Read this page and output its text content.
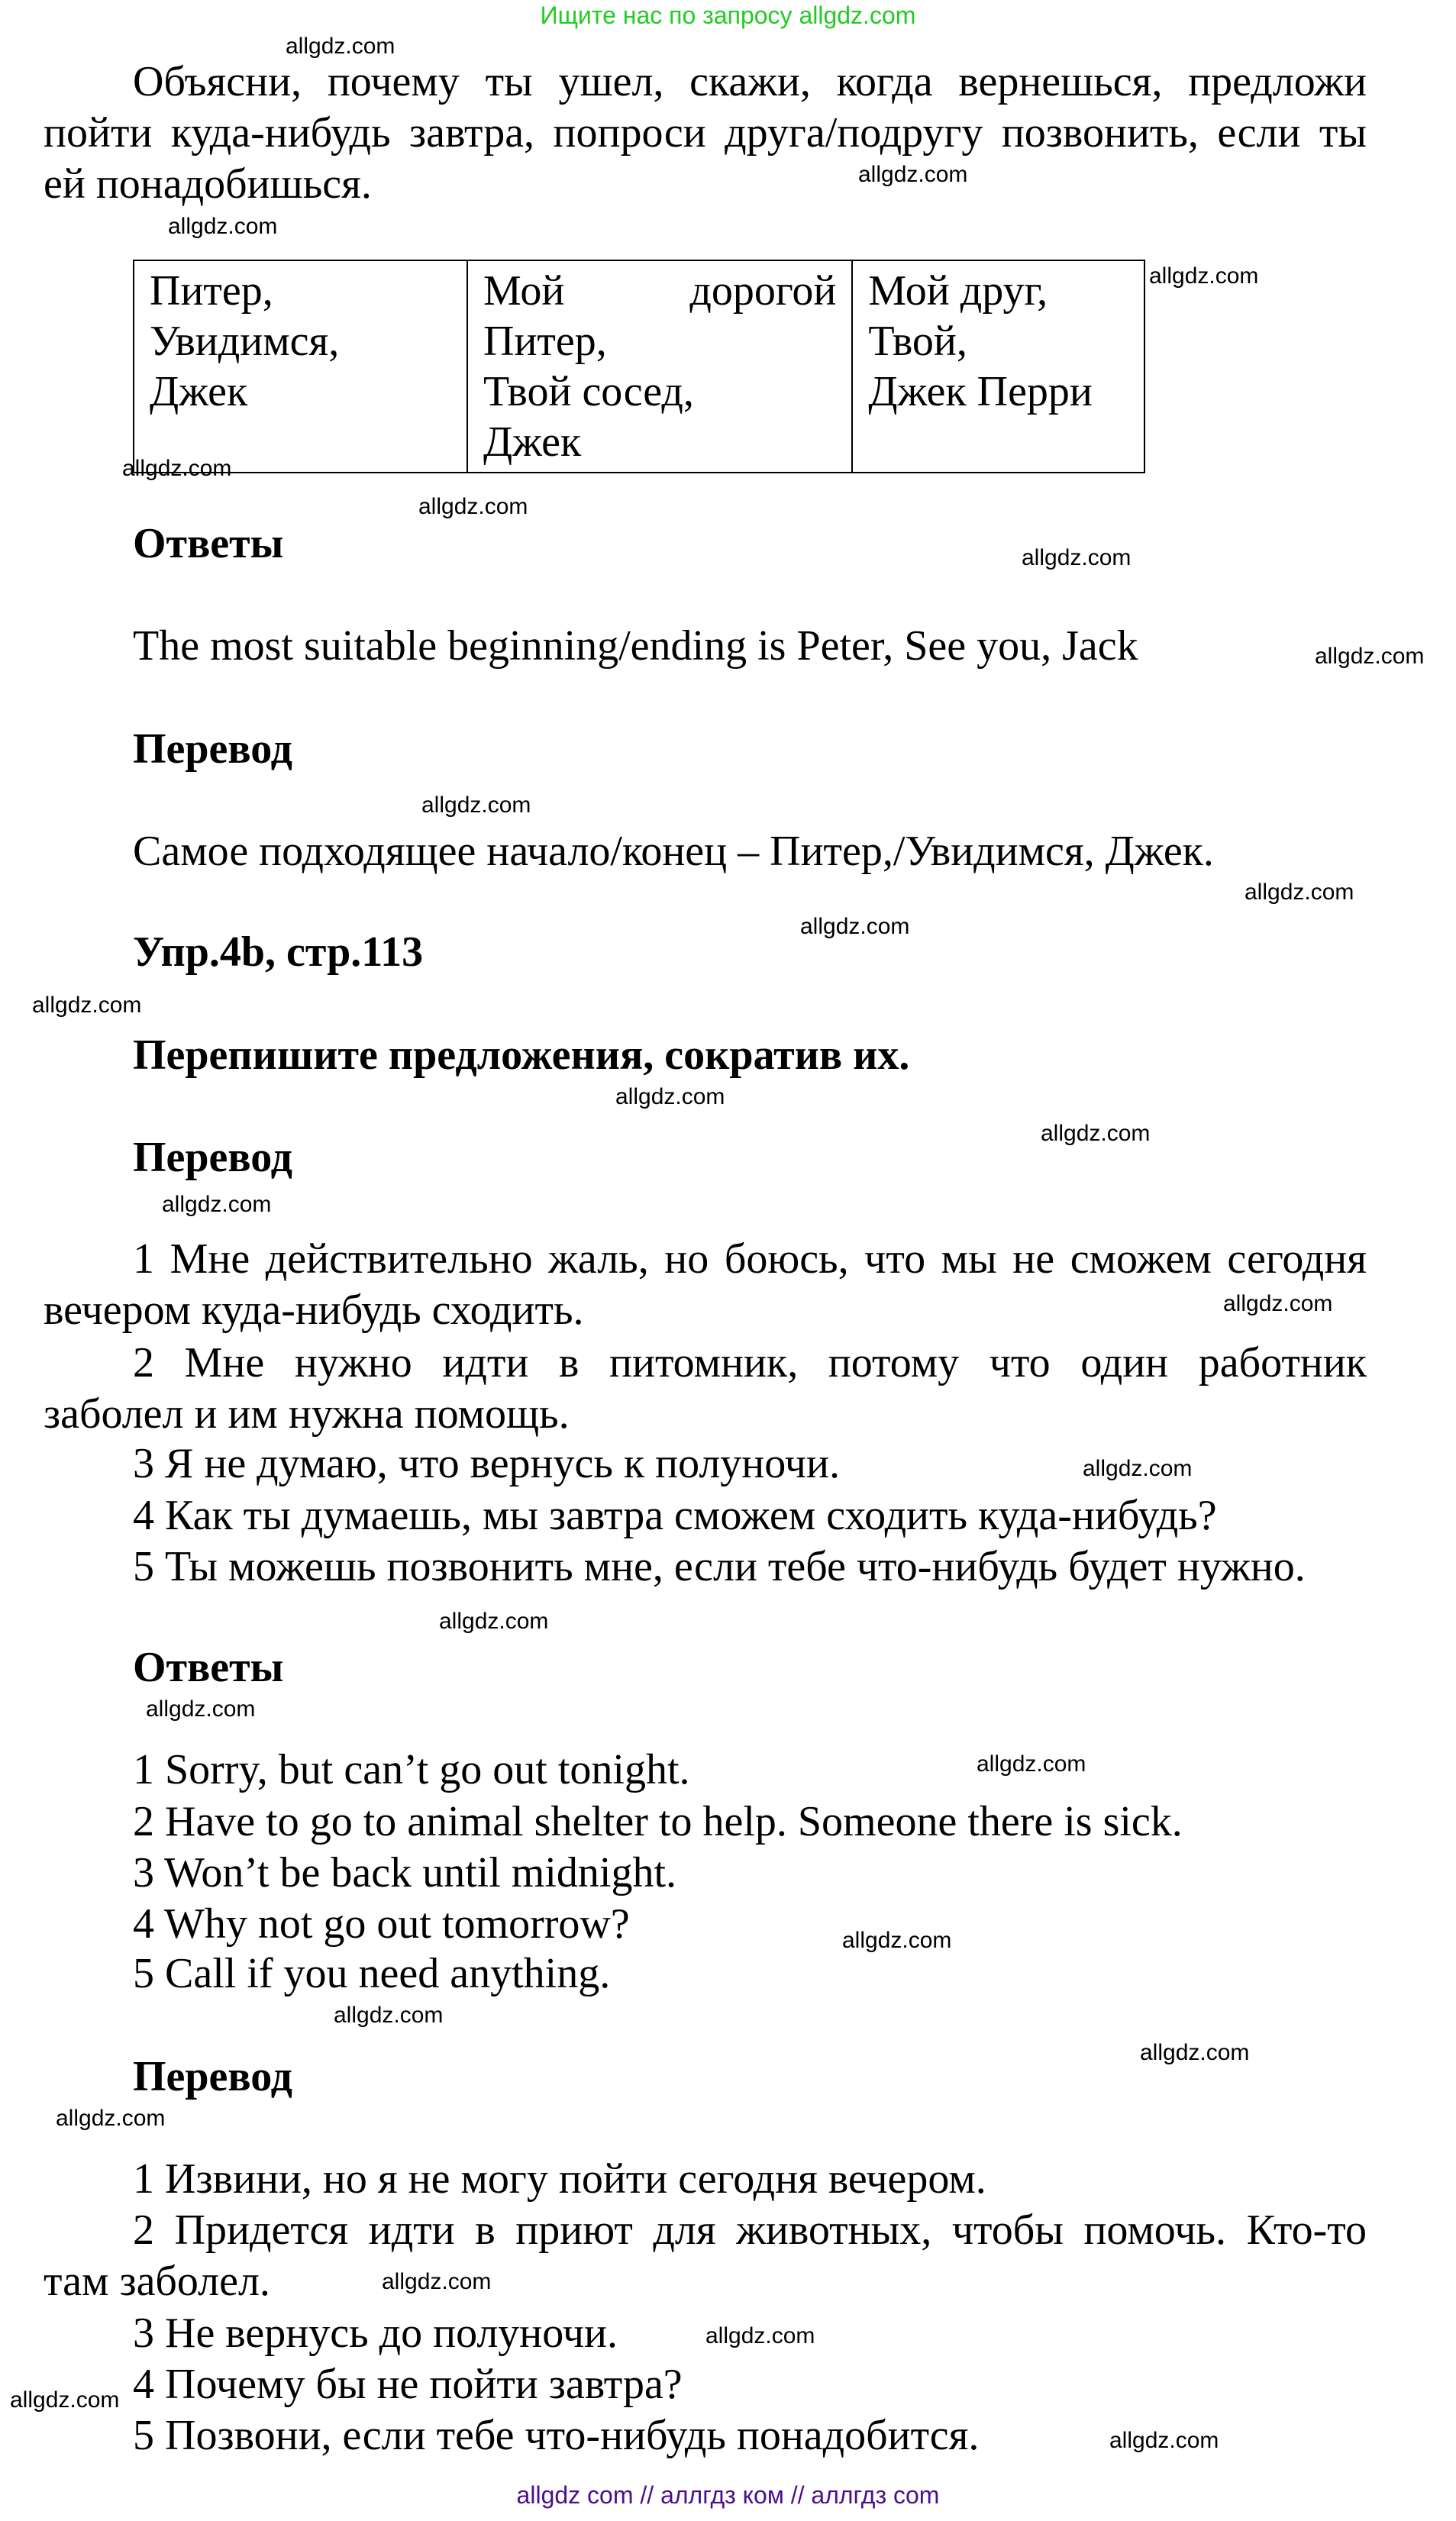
Ищите нас по запросу allgdz.com
Питер,
Увидимся,
Джек

Мой дорогой
Питер,
Твой сосед,
Джек

Мой друг,
Твой,
Джек Перри
allgdz com // аллгдз ком // аллгдз com
Объясни, почему ты ушел, скажи, когда вернешься, предложи
пойти куда-нибудь завтра, попроси друга/подругу позвонить, если ты
ей понадобишься.
Ответы
The most suitable beginning/ending is Peter, See you, Jack
Перевод
Самое подходящее начало/конец – Питер,/Увидимся, Джек.
Упр.4b, стр.113
Перепишите предложения, сократив их.
Перевод
1 Мне действительно жаль, но боюсь, что мы не сможем сегодня
вечером куда-нибудь сходить.
2 Мне нужно идти в питомник, потому что один работник
заболел и им нужна помощь.
3 Я не думаю, что вернусь к полуночи.
4 Как ты думаешь, мы завтра сможем сходить куда-нибудь?
5 Ты можешь позвонить мне, если тебе что-нибудь будет нужно.
Ответы
1 Sorry, but can’t go out tonight.
2 Have to go to animal shelter to help. Someone there is sick.
3 Won’t be back until midnight.
4 Why not go out tomorrow?
5 Call if you need anything.
Перевод
1 Извини, но я не могу пойти сегодня вечером.
2 Придется идти в приют для животных, чтобы помочь. Кто-то
там заболел.
3 Не вернусь до полуночи.
4 Почему бы не пойти завтра?
5 Позвони, если тебе что-нибудь понадобится.
allgdz.com
allgdz.com
allgdz.com
allgdz.com
allgdz.com
allgdz.com
allgdz.com
allgdz.com
allgdz.com
allgdz.com
allgdz.com
allgdz.com
allgdz.com
allgdz.com
allgdz.com
allgdz.com
allgdz.com
allgdz.com
allgdz.com
allgdz.com
allgdz.com
allgdz.com
allgdz.com
allgdz.com
allgdz.com
allgdz.com
allgdz.com
allgdz.com
